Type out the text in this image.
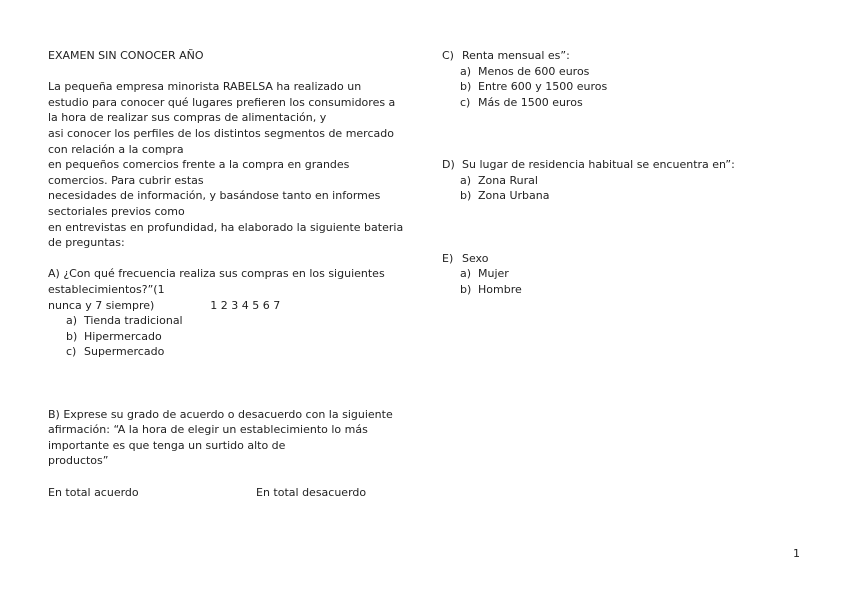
EXAMEN SIN CONOCER AÑO
La pequeña empresa minorista RABELSA ha realizado un
estudio para conocer qué lugares prefieren los consumidores a
la hora de realizar sus compras de alimentación, y
asi conocer los perfiles de los distintos segmentos de mercado
con relación a la compra
en pequeños comercios frente a la compra en grandes
comercios. Para cubrir estas
necesidades de información, y basándose tanto en informes
sectoriales previos como
en entrevistas en profundidad, ha elaborado la siguiente bateria
de preguntas:
A) ¿Con qué frecuencia realiza sus compras en los siguientes
establecimientos?”(1
nunca y 7 siempre)	1 2 3 4 5 6 7
a) Tienda tradicional
b) Hipermercado
c) Supermercado
B) Exprese su grado de acuerdo o desacuerdo con la siguiente
afirmación: “A la hora de elegir un establecimiento lo más
importante es que tenga un surtido alto de
productos”
En total acuerdo	En total desacuerdo
C) Renta mensual es”:
a) Menos de 600 euros
b) Entre 600 y 1500 euros
c) Más de 1500 euros
D) Su lugar de residencia habitual se encuentra en”:
a) Zona Rural
b) Zona Urbana
E) Sexo
a) Mujer
b) Hombre
1
